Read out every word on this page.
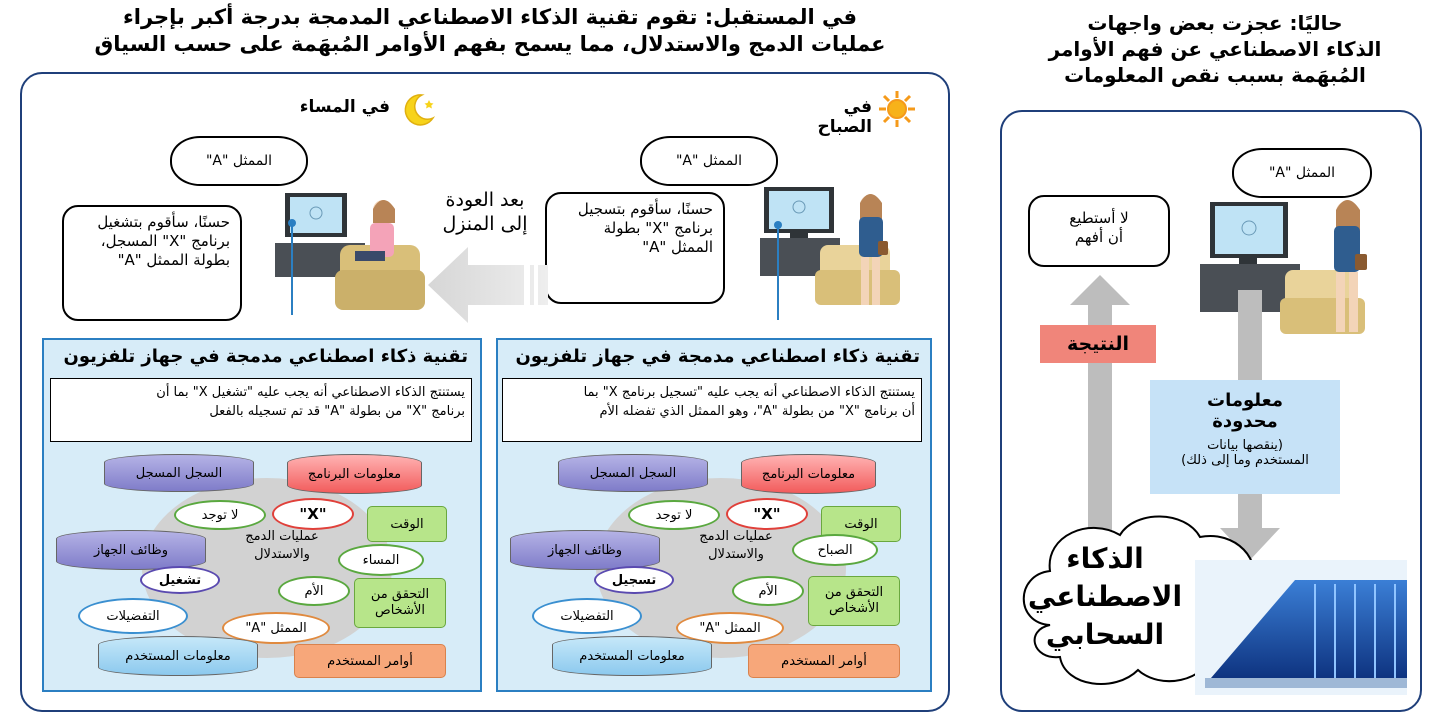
في المستقبل: تقوم تقنية الذكاء الاصطناعي المدمجة بدرجة أكبر بإجراء
عمليات الدمج والاستدلال، مما يسمح بفهم الأوامر المُبهَمة على حسب السياق
حاليًا: عجزت بعض واجهات
الذكاء الاصطناعي عن فهم الأوامر
المُبهَمة بسبب نقص المعلومات
في الصباح
في المساء
الممثل "A"
حسنًا، سأقوم بتسجيل
برنامج "X" بطولة
الممثل "A"
الممثل "A"
حسنًا، سأقوم بتشغيل
برنامج "X" المسجل،
بطولة الممثل "A"
بعد العودة
إلى المنزل
تقنية ذكاء اصطناعي مدمجة في جهاز تلفزيون
يستنتج الذكاء الاصطناعي أنه يجب عليه "تسجيل برنامج X" بما
أن برنامج "X" من بطولة "A"، وهو الممثل الذي تفضله الأم
تقنية ذكاء اصطناعي مدمجة في جهاز تلفزيون
يستنتج الذكاء الاصطناعي أنه يجب عليه "تشغيل X" بما أن
برنامج "X" من بطولة "A" قد تم تسجيله بالفعل
السجل المسجل	معلومات البرنامج
لا توجد	"X"
الوقت
عمليات الدمج
والاستدلال	الصباح
وظائف الجهاز
تسجيل
الأم	التحقق من
الأشخاص
التفضيلات
الممثل "A"
معلومات المستخدم	أوامر المستخدم
السجل المسجل	معلومات البرنامج
لا توجد	"X"
الوقت
عمليات الدمج
والاستدلال	المساء
وظائف الجهاز
تشغيل
الأم	التحقق من
الأشخاص
التفضيلات
الممثل "A"
معلومات المستخدم	أوامر المستخدم
الممثل "A"
لا أستطيع
أن أفهم
النتيجة
معلومات
محدودة
(ينقصها بيانات
المستخدم وما إلى ذلك)
الذكاء
الاصطناعي
السحابي
